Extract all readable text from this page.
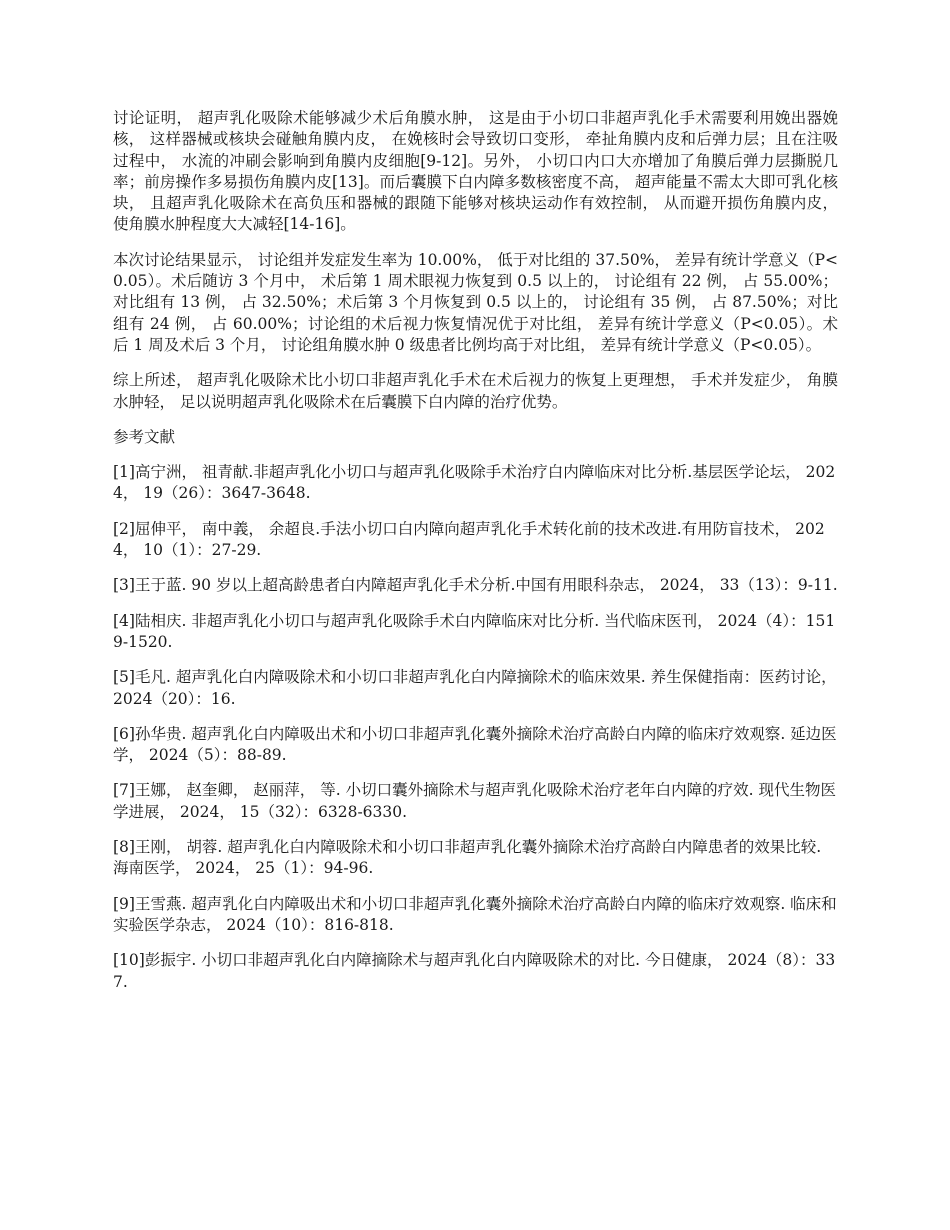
讨论证明， 超声乳化吸除术能够减少术后角膜水肿， 这是由于小切口非超声乳化手术需要利用娩出器娩核， 这样器械或核块会碰触角膜内皮， 在娩核时会导致切口变形， 牵扯角膜内皮和后弹力层；且在注吸过程中， 水流的冲刷会影响到角膜内皮细胞[9-12]。另外， 小切口内口大亦增加了角膜后弹力层撕脱几率；前房操作多易损伤角膜内皮[13]。而后囊膜下白内障多数核密度不高， 超声能量不需太大即可乳化核块， 且超声乳化吸除术在高负压和器械的跟随下能够对核块运动作有效控制， 从而避开损伤角膜内皮， 使角膜水肿程度大大减轻[14-16]。

本次讨论结果显示， 讨论组并发症发生率为 10.00%， 低于对比组的 37.50%， 差异有统计学意义（P<0.05）。术后随访 3 个月中， 术后第 1 周术眼视力恢复到 0.5 以上的， 讨论组有 22 例， 占 55.00%；对比组有 13 例， 占 32.50%；术后第 3 个月恢复到 0.5 以上的， 讨论组有 35 例， 占 87.50%；对比组有 24 例， 占 60.00%；讨论组的术后视力恢复情况优于对比组， 差异有统计学意义（P<0.05）。术后 1 周及术后 3 个月， 讨论组角膜水肿 0 级患者比例均高于对比组， 差异有统计学意义（P<0.05）。

综上所述， 超声乳化吸除术比小切口非超声乳化手术在术后视力的恢复上更理想， 手术并发症少， 角膜水肿轻， 足以说明超声乳化吸除术在后囊膜下白内障的治疗优势。

参考文献

[1]高宁洲， 祖青献.非超声乳化小切口与超声乳化吸除手术治疗白内障临床对比分析.基层医学论坛， 2024， 19（26）：3647-3648.
[2]屈伸平， 南中義， 余超良.手法小切口白内障向超声乳化手术转化前的技术改进.有用防盲技术， 2024， 10（1）：27-29.
[3]王于蓝. 90 岁以上超高龄患者白内障超声乳化手术分析.中国有用眼科杂志， 2024， 33（13）：9-11.
[4]陆相庆. 非超声乳化小切口与超声乳化吸除手术白内障临床对比分析. 当代临床医刊， 2024（4）：1519-1520.
[5]毛凡. 超声乳化白内障吸除术和小切口非超声乳化白内障摘除术的临床效果. 养生保健指南：医药讨论， 2024（20）：16.
[6]孙华贵. 超声乳化白内障吸出术和小切口非超声乳化囊外摘除术治疗高龄白内障的临床疗效观察. 延边医学， 2024（5）：88-89.
[7]王娜， 赵奎卿， 赵丽萍， 等. 小切口囊外摘除术与超声乳化吸除术治疗老年白内障的疗效. 现代生物医学进展， 2024， 15（32）：6328-6330.
[8]王刚， 胡蓉. 超声乳化白内障吸除术和小切口非超声乳化囊外摘除术治疗高龄白内障患者的效果比较. 海南医学， 2024， 25（1）：94-96.
[9]王雪燕. 超声乳化白内障吸出术和小切口非超声乳化囊外摘除术治疗高龄白内障的临床疗效观察. 临床和实验医学杂志， 2024（10）：816-818.
[10]彭振宇. 小切口非超声乳化白内障摘除术与超声乳化白内障吸除术的对比. 今日健康， 2024（8）：337.
